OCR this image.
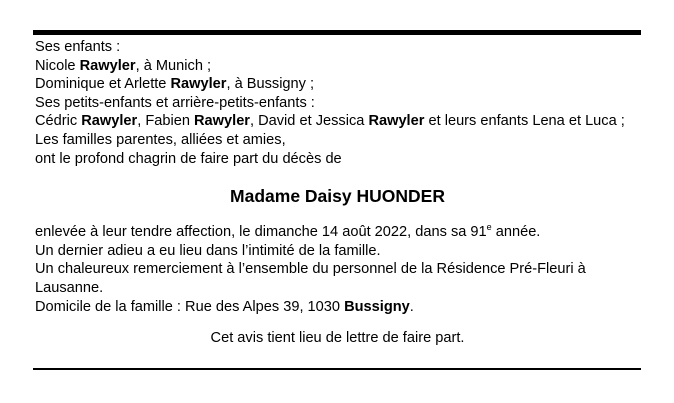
Ses enfants :

Nicole Rawyler, à Munich ;

Dominique et Arlette Rawyler, à Bussigny ;

Ses petits-enfants et arrière-petits-enfants :

Cédric Rawyler, Fabien Rawyler, David et Jessica Rawyler et leurs enfants Lena et Luca ;

Les familles parentes, alliées et amies,

ont le profond chagrin de faire part du décès de

Madame Daisy HUONDER

enlevée à leur tendre affection, le dimanche 14 août 2022, dans sa 91e année.

Un dernier adieu a eu lieu dans l’intimité de la famille.

Un chaleureux remerciement à l’ensemble du personnel de la Résidence Pré-Fleuri à Lausanne.

Domicile de la famille : Rue des Alpes 39, 1030 Bussigny.

Cet avis tient lieu de lettre de faire part.
